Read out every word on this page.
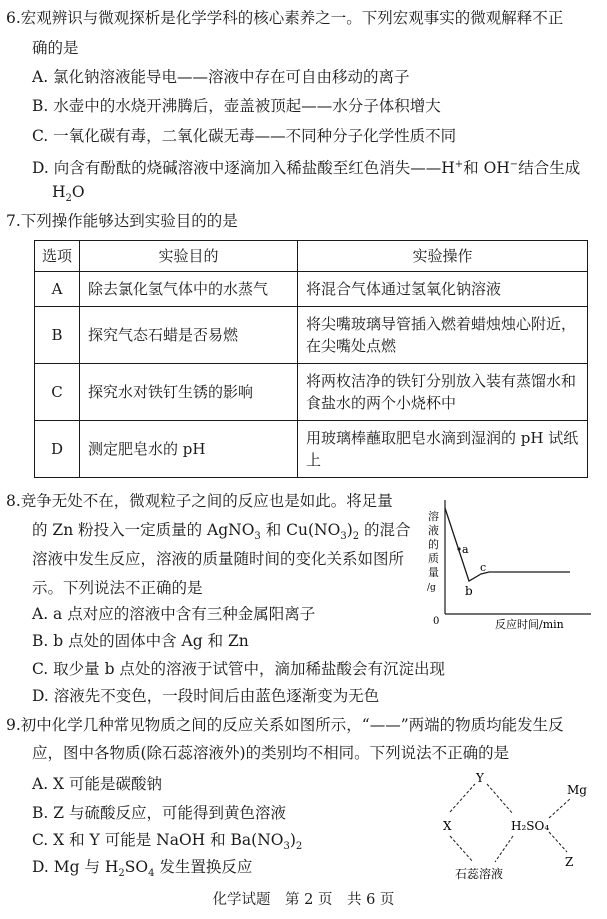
6.宏观辨识与微观探析是化学学科的核心素养之一。下列宏观事实的微观解释不正
确的是
A. 氯化钠溶液能导电——溶液中存在可自由移动的离子
B. 水壶中的水烧开沸腾后，壶盖被顶起——水分子体积增大
C. 一氧化碳有毒，二氧化碳无毒——不同种分子化学性质不同
D. 向含有酚酞的烧碱溶液中逐滴加入稀盐酸至红色消失——H+和 OH−结合生成
$H_2O$
7.下列操作能够达到实验目的的是
选项	实验目的	实验操作
A	除去氯化氢气体中的水蒸气	将混合气体通过氢氧化钠溶液
B	探究气态石蜡是否易燃	将尖嘴玻璃导管插入燃着蜡烛烛心附近，在尖嘴处点燃
C	探究水对铁钉生锈的影响	将两枚洁净的铁钉分别放入装有蒸馏水和食盐水的两个小烧杯中
D	测定肥皂水的 pH	用玻璃棒蘸取肥皂水滴到湿润的 pH 试纸上
8.竞争无处不在，微观粒子之间的反应也是如此。将足量
的 Zn 粉投入一定质量的 AgNO$_3$ 和 $Cu(NO_3)_2$ 的混合
溶液中发生反应，溶液的质量随时间的变化关系如图所
示。下列说法不正确的是
A. a 点对应的溶液中含有三种金属阳离子
B. b 点处的固体中含 Ag 和 Zn
C. 取少量 b 点处的溶液于试管中，滴加稀盐酸会有沉淀出现
D. 溶液先不变色，一段时间后由蓝色逐渐变为无色
a
b
c
0
溶
液
的
质
量
/g
反应时间/min
9.初中化学几种常见物质之间的反应关系如图所示，“——”两端的物质均能发生反
应，图中各物质(除石蕊溶液外)的类别均不相同。下列说法不正确的是
A. X 可能是碳酸钠
B. Z 与硫酸反应，可能得到黄色溶液
C. X 和 Y 可能是 NaOH 和 $Ba(NO_3)_2$
D. Mg 与 $H_2SO_4$ 发生置换反应
Y
X	H₂SO₄
Mg
Z
石蕊溶液
化学试题　第 2 页　共 6 页
